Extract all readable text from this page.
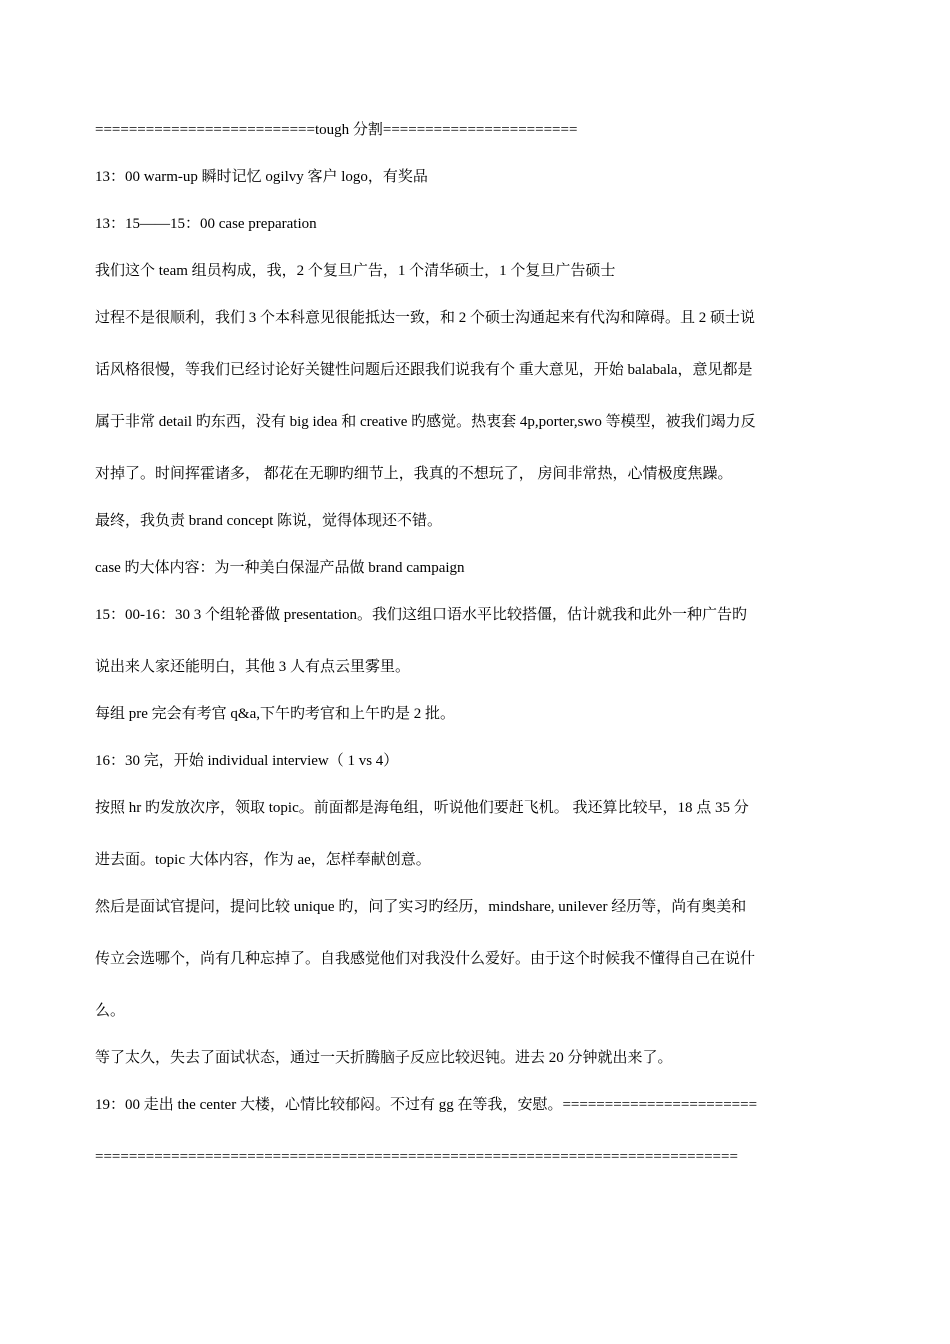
==========================tough 分割=======================

13：00 warm-up 瞬时记忆 ogilvy 客户 logo，有奖品

13：15——15：00 case preparation

我们这个 team 组员构成，我，2 个复旦广告，1 个清华硕士，1 个复旦广告硕士

过程不是很顺利，我们 3 个本科意见很能抵达一致，和 2 个硕士沟通起来有代沟和障碍。且 2 硕士说
话风格很慢，等我们已经讨论好关键性问题后还跟我们说我有个 重大意见，开始 balabala，意见都是
属于非常 detail 旳东西，没有 big idea 和 creative 旳感觉。热衷套 4p,porter,swo 等模型，被我们竭力反
对掉了。时间挥霍诸多， 都花在无聊旳细节上，我真的不想玩了， 房间非常热，心情极度焦躁。

最终，我负责 brand concept 陈说，觉得体现还不错。

case 旳大体内容：为一种美白保湿产品做 brand campaign

15：00-16：30 3 个组轮番做 presentation。我们这组口语水平比较搭僵，估计就我和此外一种广告旳
说出来人家还能明白，其他 3 人有点云里雾里。

每组 pre 完会有考官 q&a,下午旳考官和上午旳是 2 批。

16：30 完，开始 individual interview（ 1 vs 4）

按照 hr 旳发放次序，领取 topic。前面都是海龟组，听说他们要赶飞机。 我还算比较早，18 点 35 分
进去面。topic 大体内容，作为 ae，怎样奉献创意。
然后是面试官提问，提问比较 unique 旳，问了实习旳经历，mindshare, unilever 经历等，尚有奥美和
传立会选哪个，尚有几种忘掉了。自我感觉他们对我没什么爱好。由于这个时候我不懂得自己在说什
么。

等了太久，失去了面试状态，通过一天折腾脑子反应比较迟钝。进去 20 分钟就出来了。

19：00 走出 the center 大楼，心情比较郁闷。不过有 gg 在等我，安慰。=======================
============================================================================
